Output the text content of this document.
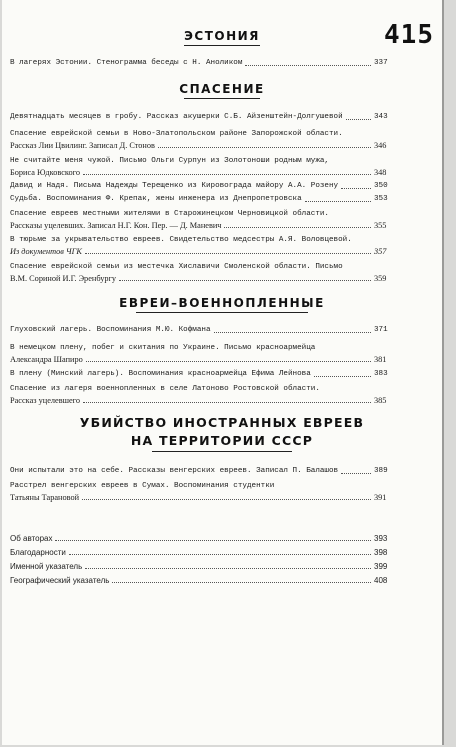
415
ЭСТОНИЯ
В лагерях Эстонии. Стенограмма беседы с Н. Аноликом	337
СПАСЕНИЕ
Девятнадцать месяцев в гробу. Рассказ акушерки С.Б. Айзенштейн-Долгушевой	343
Спасение еврейской семьи в Ново-Златопольском районе Запорожской области.
Рассказ Лии Цвилинг. Записал Д. Стонов	346
Не считайте меня чужой. Письмо Ольги Сурпун из Золотоноши родным мужа,
Бориса Юдковского	348
Давид и Надя. Письма Надежды Терещенко из Кировограда майору А.А. Розену	350
Судьба. Воспоминания Ф. Крепак, жены инженера из Днепропетровска	353
Спасение евреев местными жителями в Старожинецком Черновицкой области.
Рассказы уцелевших. Записал Н.Г. Кон. Пер. — Д. Маневич	355
В тюрьме за укрывательство евреев. Свидетельство медсестры А.Я. Воловцевой.
Из документов ЧГК	357
Спасение еврейской семьи из местечка Хиславичи Смоленской области. Письмо
В.М. Сориной И.Г. Эренбургу	359
ЕВРЕИ–ВОЕННОПЛЕННЫЕ
Глуховский лагерь. Воспоминания М.Ю. Кофмана	371
В немецком плену, побег и скитания по Украине. Письмо красноармейца
Александра Шапиро	381
В плену (Минский лагерь). Воспоминания красноармейца Ефима Лейнова	383
Спасение из лагеря военнопленных в селе Латоново Ростовской области.
Рассказ уцелевшего	385
УБИЙСТВО ИНОСТРАННЫХ ЕВРЕЕВ
НА ТЕРРИТОРИИ СССР
Они испытали это на себе. Рассказы венгерских евреев. Записал П. Балашов	389
Расстрел венгерских евреев в Сумах. Воспоминания студентки
Татьяны Тарановой	391
Об авторах	393
Благодарности	398
Именной указатель	399
Географический указатель	408
